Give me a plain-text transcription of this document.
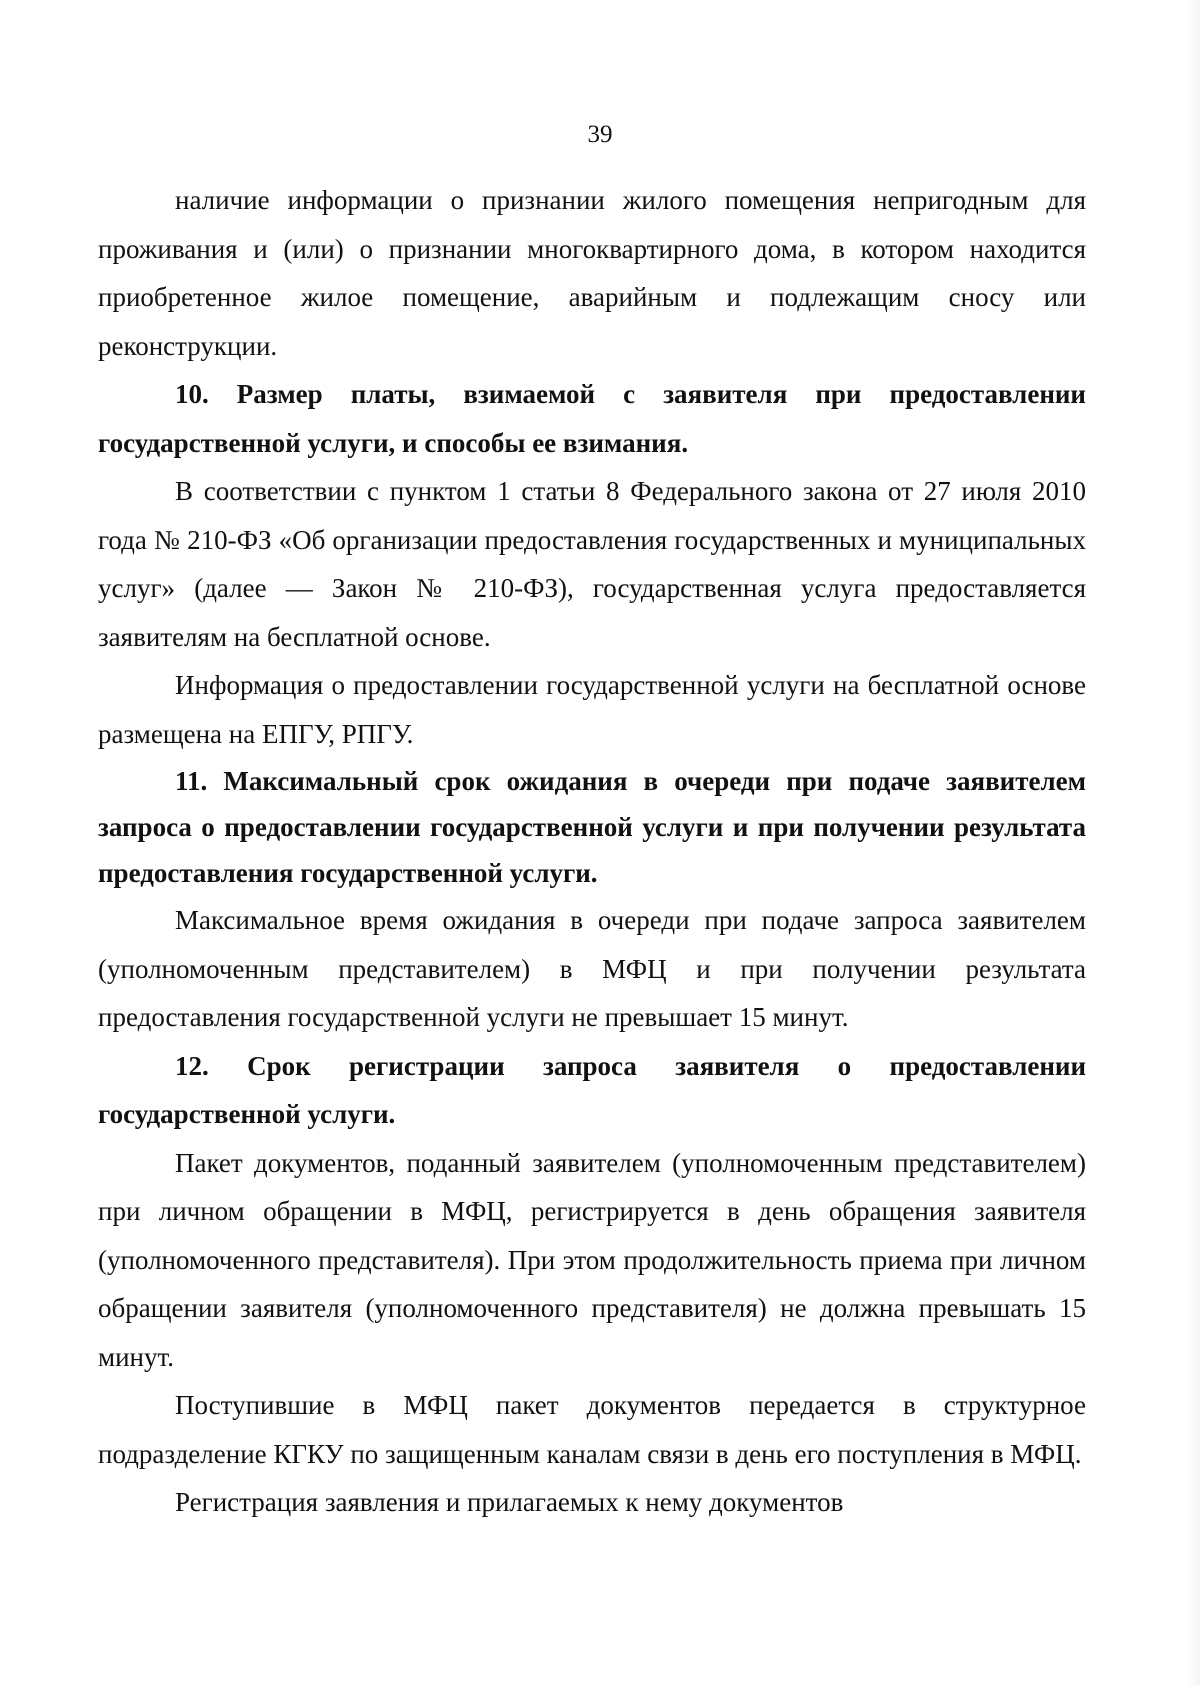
39

наличие информации о признании жилого помещения непригодным для проживания и (или) о признании многоквартирного дома, в котором находится приобретенное жилое помещение, аварийным и подлежащим сносу или реконструкции.

10. Размер платы, взимаемой с заявителя при предоставлении государственной услуги, и способы ее взимания.

В соответствии с пунктом 1 статьи 8 Федерального закона от 27 июля 2010 года № 210-ФЗ «Об организации предоставления государственных и муниципальных услуг» (далее — Закон № 210-ФЗ), государственная услуга предоставляется заявителям на бесплатной основе.

Информация о предоставлении государственной услуги на бесплатной основе размещена на ЕПГУ, РПГУ.

11. Максимальный срок ожидания в очереди при подаче заявителем запроса о предоставлении государственной услуги и при получении результата предоставления государственной услуги.

Максимальное время ожидания в очереди при подаче запроса заявителем (уполномоченным представителем) в МФЦ и при получении результата предоставления государственной услуги не превышает 15 минут.

12. Срок регистрации запроса заявителя о предоставлении государственной услуги.

Пакет документов, поданный заявителем (уполномоченным представителем) при личном обращении в МФЦ, регистрируется в день обращения заявителя (уполномоченного представителя). При этом продолжительность приема при личном обращении заявителя (уполномоченного представителя) не должна превышать 15 минут.

Поступившие в МФЦ пакет документов передается в структурное подразделение КГКУ по защищенным каналам связи в день его поступления в МФЦ.

Регистрация заявления и прилагаемых к нему документов
